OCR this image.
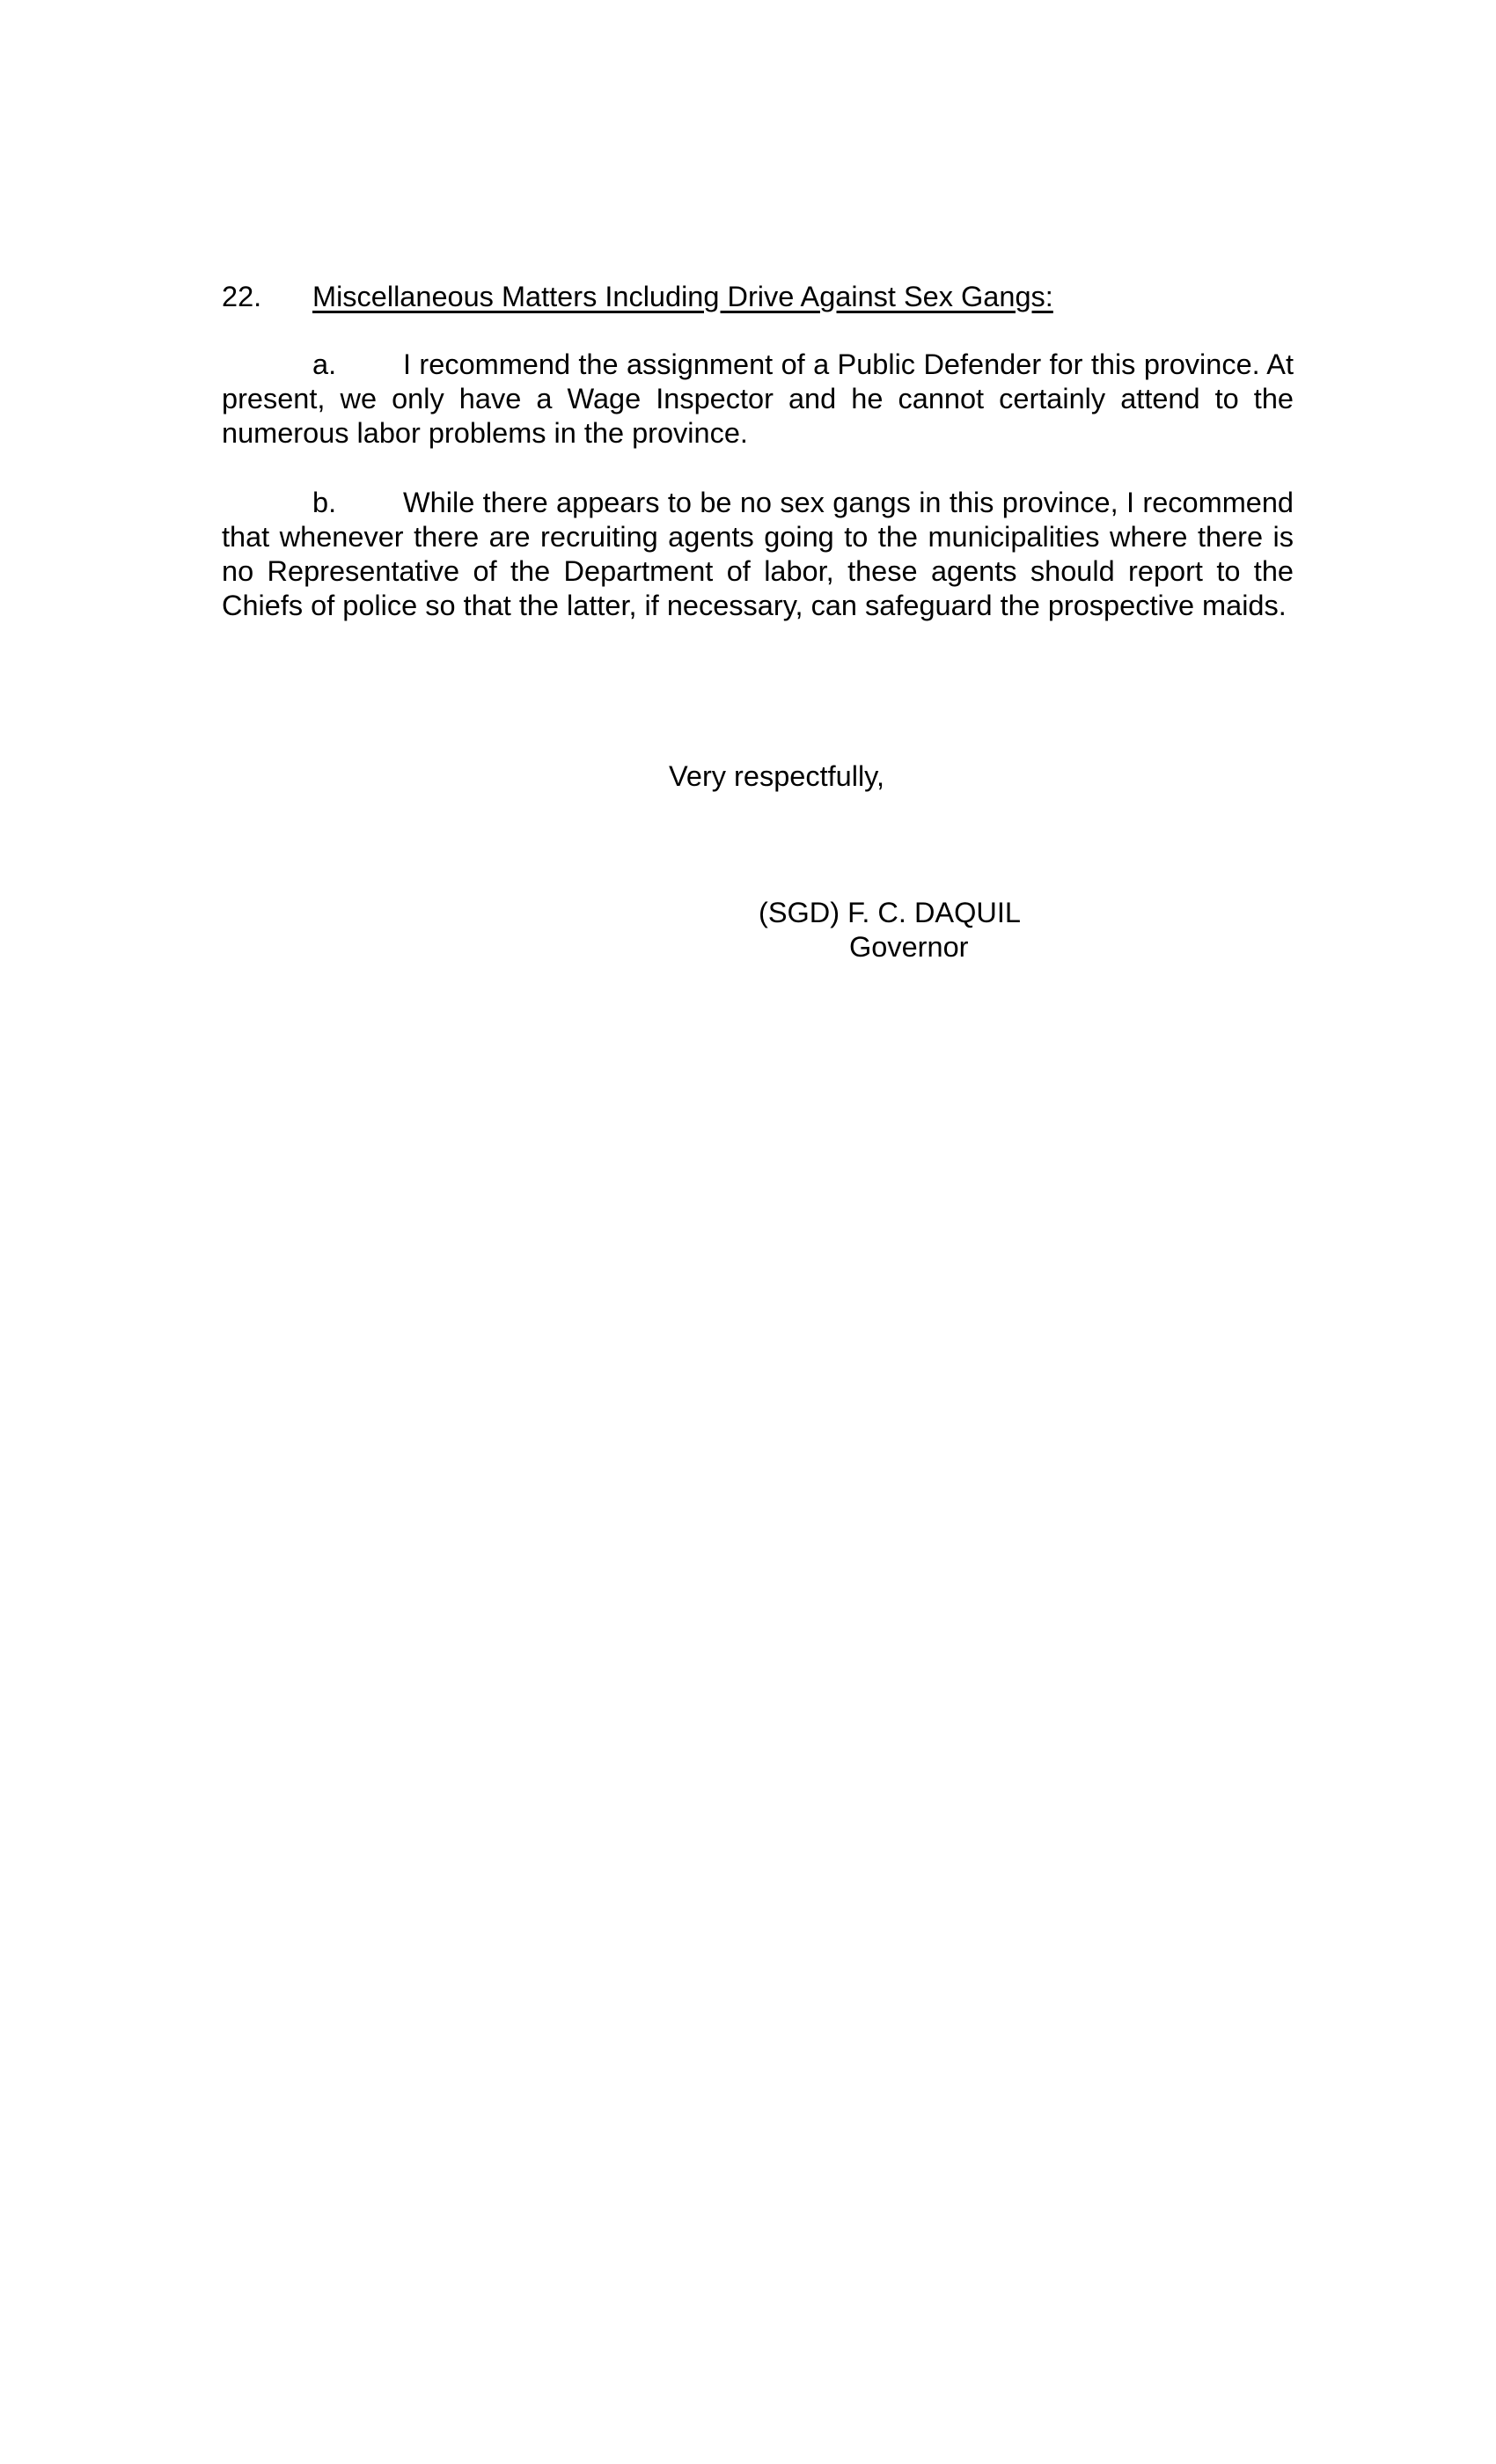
22. Miscellaneous Matters Including Drive Against Sex Gangs:
a. I recommend the assignment of a Public Defender for this province. At present, we only have a Wage Inspector and he cannot certainly attend to the numerous labor problems in the province.
b. While there appears to be no sex gangs in this province, I recommend that whenever there are recruiting agents going to the municipalities where there is no Representative of the Department of labor, these agents should report to the Chiefs of police so that the latter, if necessary, can safeguard the prospective maids.
Very respectfully,
(SGD) F. C. DAQUIL
Governor
